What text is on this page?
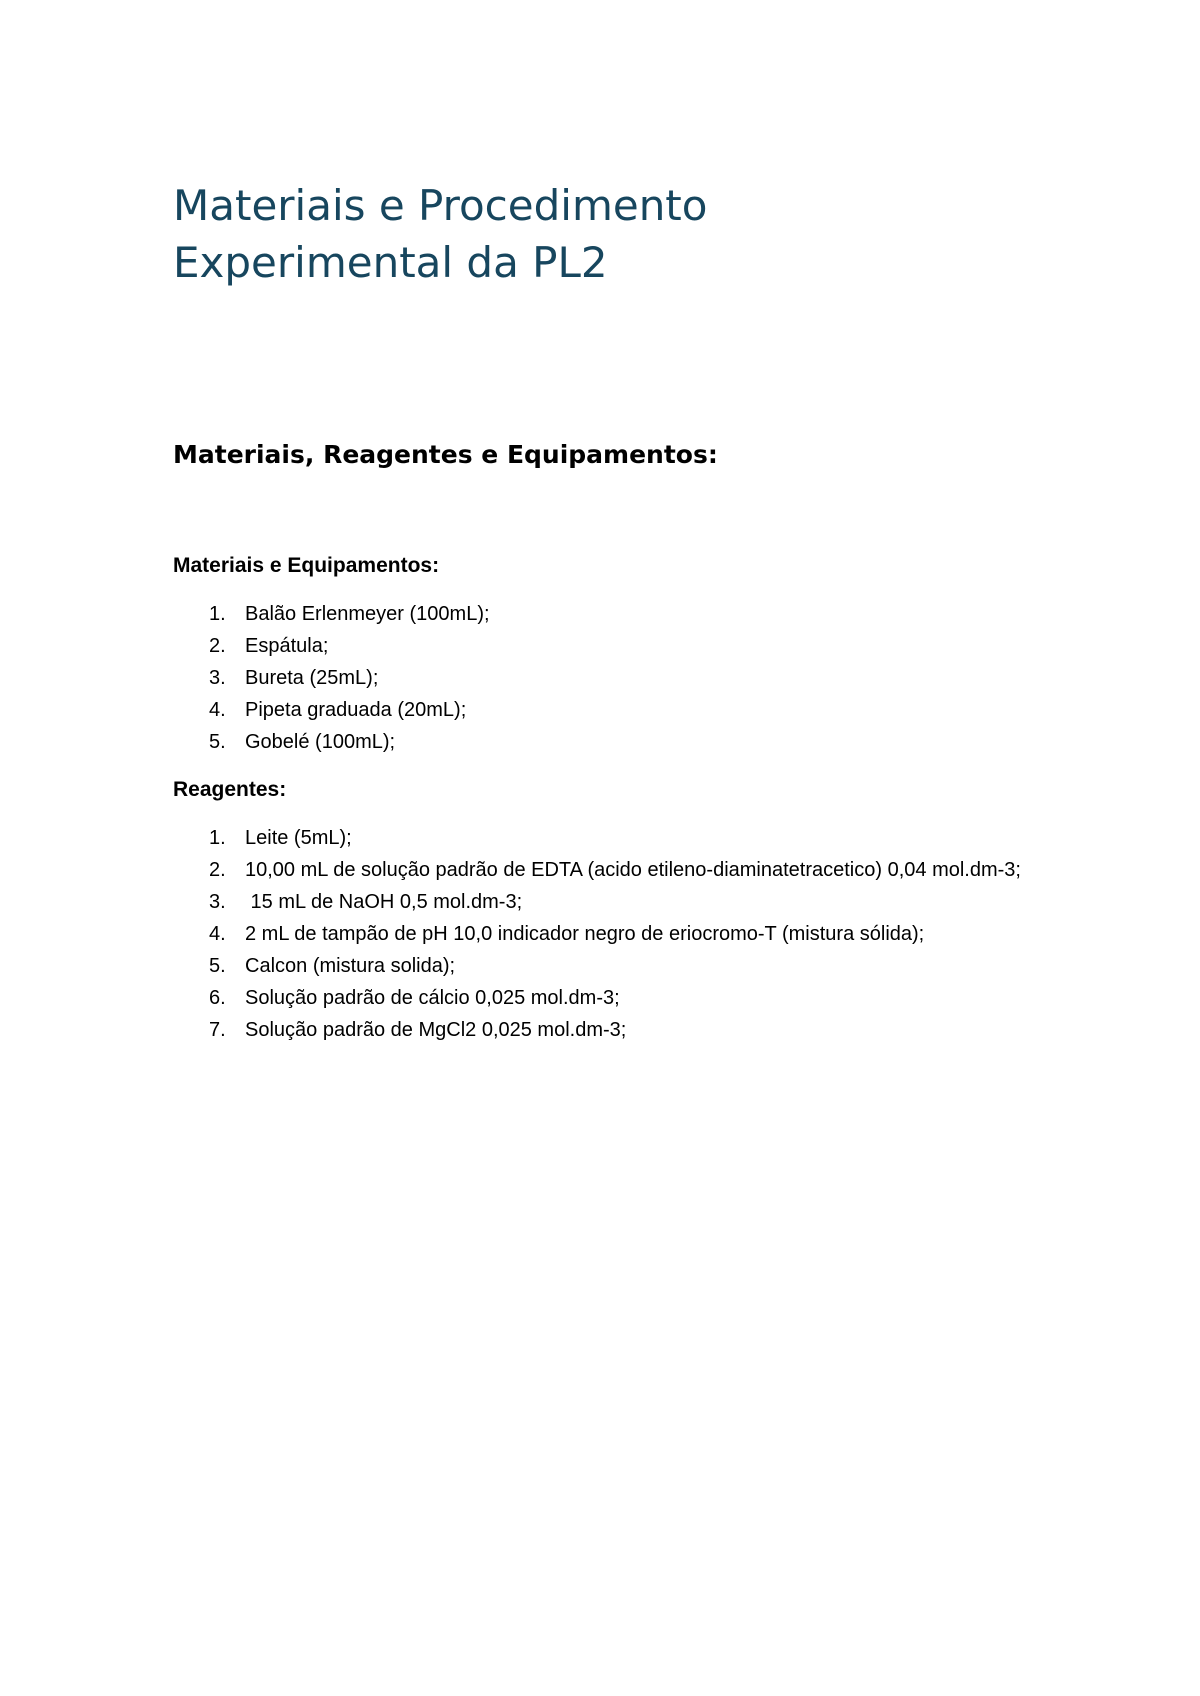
Materiais e Procedimento
Experimental da PL2
Materiais, Reagentes e Equipamentos:
Materiais e Equipamentos:
1. Balão Erlenmeyer (100mL);
2. Espátula;
3. Bureta (25mL);
4. Pipeta graduada (20mL);
5. Gobelé (100mL);
Reagentes:
1. Leite (5mL);
2. 10,00 mL de solução padrão de EDTA (acido etileno-diaminatetracetico) 0,04 mol.dm-3;
3. 15 mL de NaOH 0,5 mol.dm-3;
4. 2 mL de tampão de pH 10,0 indicador negro de eriocromo-T (mistura sólida);
5. Calcon (mistura solida);
6. Solução padrão de cálcio 0,025 mol.dm-3;
7. Solução padrão de MgCl2 0,025 mol.dm-3;
